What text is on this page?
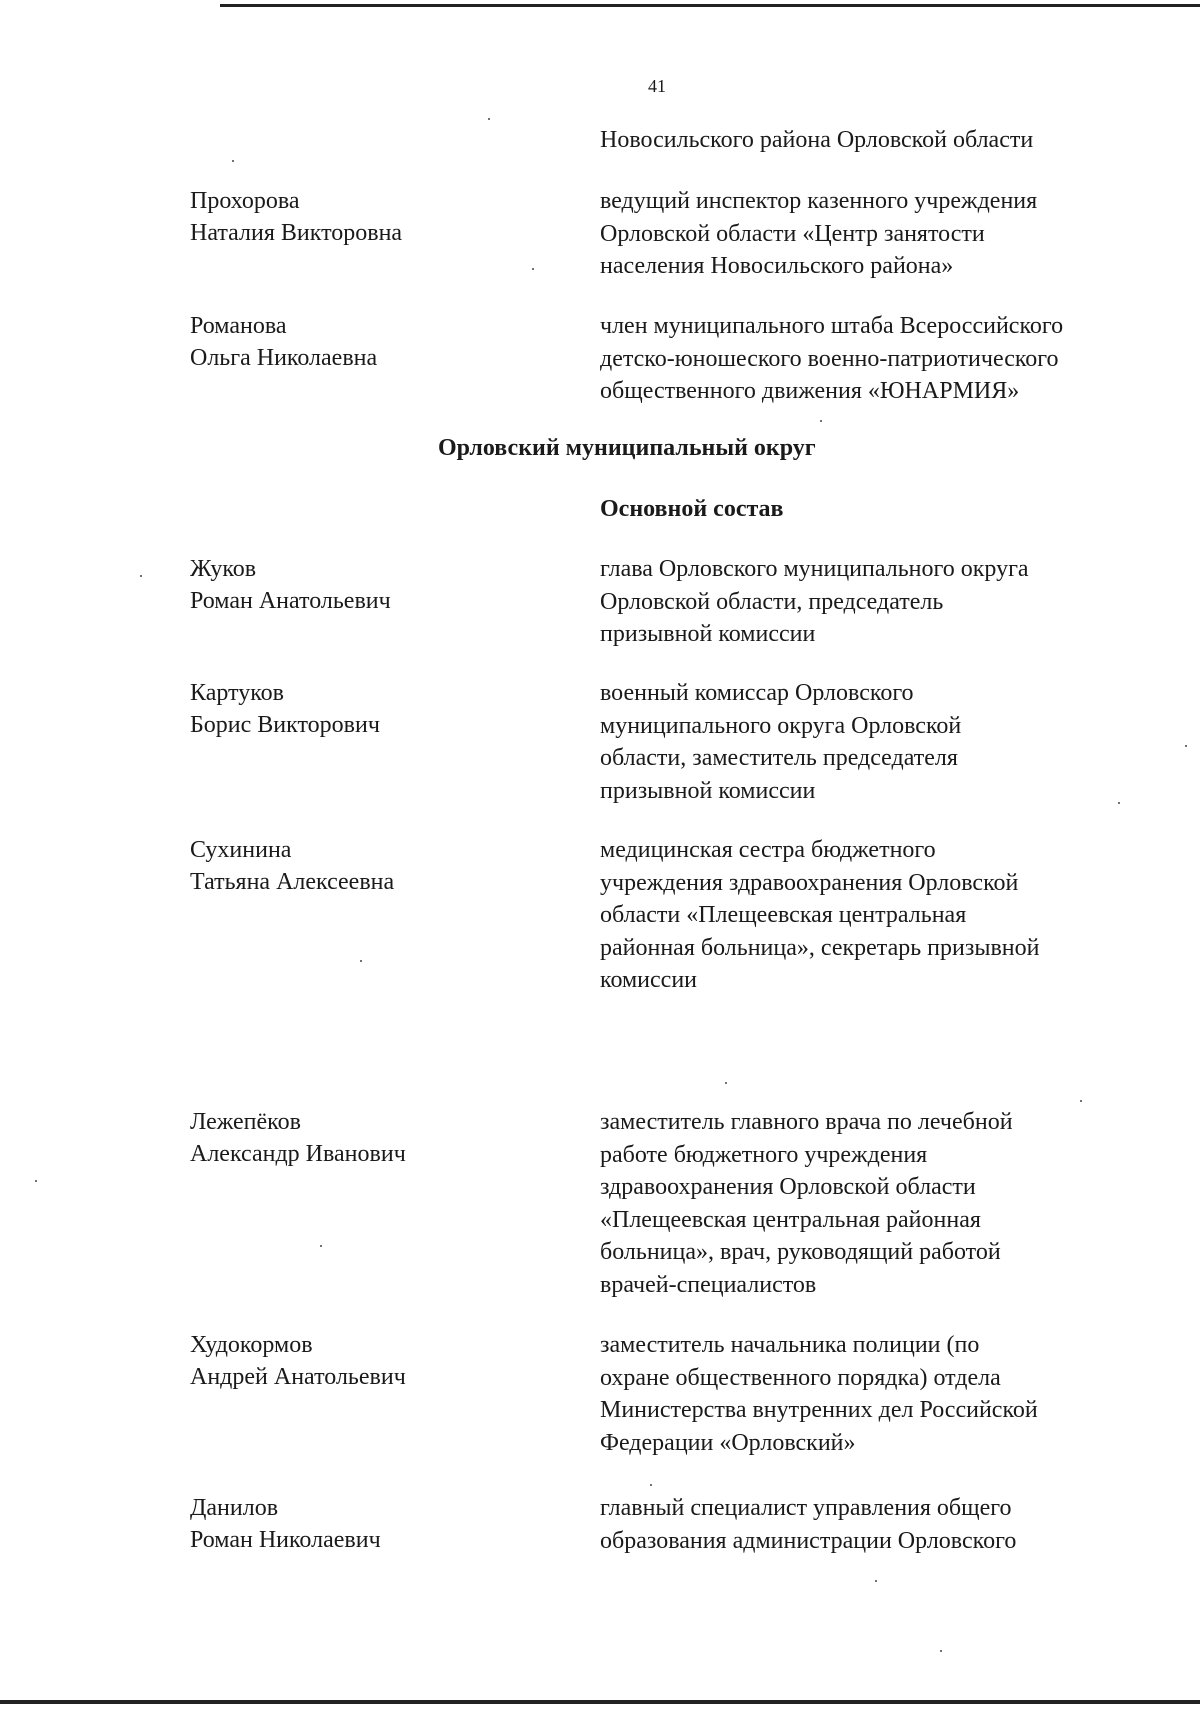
41
Новосильского района Орловской области
Прохорова
Наталия Викторовна
ведущий инспектор казенного учреждения
Орловской области «Центр занятости
населения Новосильского района»
Романова
Ольга Николаевна
член муниципального штаба Всероссийского
детско-юношеского военно-патриотического
общественного движения «ЮНАРМИЯ»
Орловский муниципальный округ
Основной состав
Жуков
Роман Анатольевич
глава Орловского муниципального округа
Орловской области, председатель
призывной комиссии
Картуков
Борис Викторович
военный комиссар Орловского
муниципального округа Орловской
области, заместитель председателя
призывной комиссии
Сухинина
Татьяна Алексеевна
медицинская сестра бюджетного
учреждения здравоохранения Орловской
области «Плещеевская центральная
районная больница», секретарь призывной
комиссии
Лежепёков
Александр Иванович
заместитель главного врача по лечебной
работе бюджетного учреждения
здравоохранения Орловской области
«Плещеевская центральная районная
больница», врач, руководящий работой
врачей-специалистов
Худокормов
Андрей Анатольевич
заместитель начальника полиции (по
охране общественного порядка) отдела
Министерства внутренних дел Российской
Федерации «Орловский»
Данилов
Роман Николаевич
главный специалист управления общего
образования администрации Орловского
